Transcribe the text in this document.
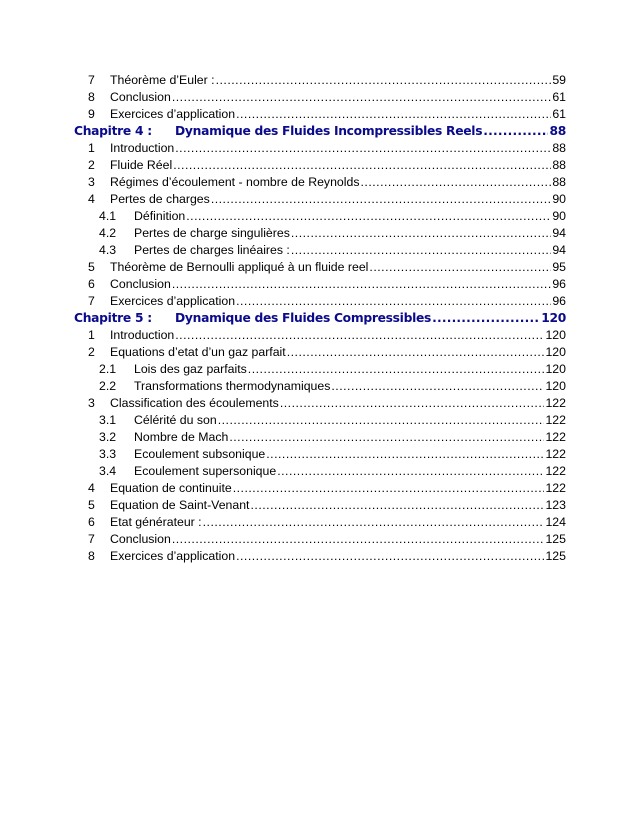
7 Théorème d’Euler : .....	59
8 Conclusion .....	61
9 Exercices d’application .....	61
Chapitre 4 : Dynamique des Fluides Incompressibles Reels .....	88
1 Introduction .....	88
2 Fluide Réel .....	88
3 Régimes d’écoulement - nombre de Reynolds .....	88
4 Pertes de charges .....	90
4.1 Définition .....	90
4.2 Pertes de charge singulières .....	94
4.3 Pertes de charges linéaires : .....	94
5 Théorème de Bernoulli appliqué à un fluide reel .....	95
6 Conclusion .....	96
7 Exercices d’application .....	96
Chapitre 5 : Dynamique des Fluides Compressibles .....	120
1 Introduction .....	120
2 Equations d’etat d’un gaz parfait .....	120
2.1 Lois des gaz parfaits .....	120
2.2 Transformations thermodynamiques .....	120
3 Classification des écoulements .....	122
3.1 Célérité du son .....	122
3.2 Nombre de Mach .....	122
3.3 Ecoulement subsonique .....	122
3.4 Ecoulement supersonique .....	122
4 Equation de continuite .....	122
5 Equation de Saint-Venant .....	123
6 Etat générateur : .....	124
7 Conclusion .....	125
8 Exercices d’application .....	125
